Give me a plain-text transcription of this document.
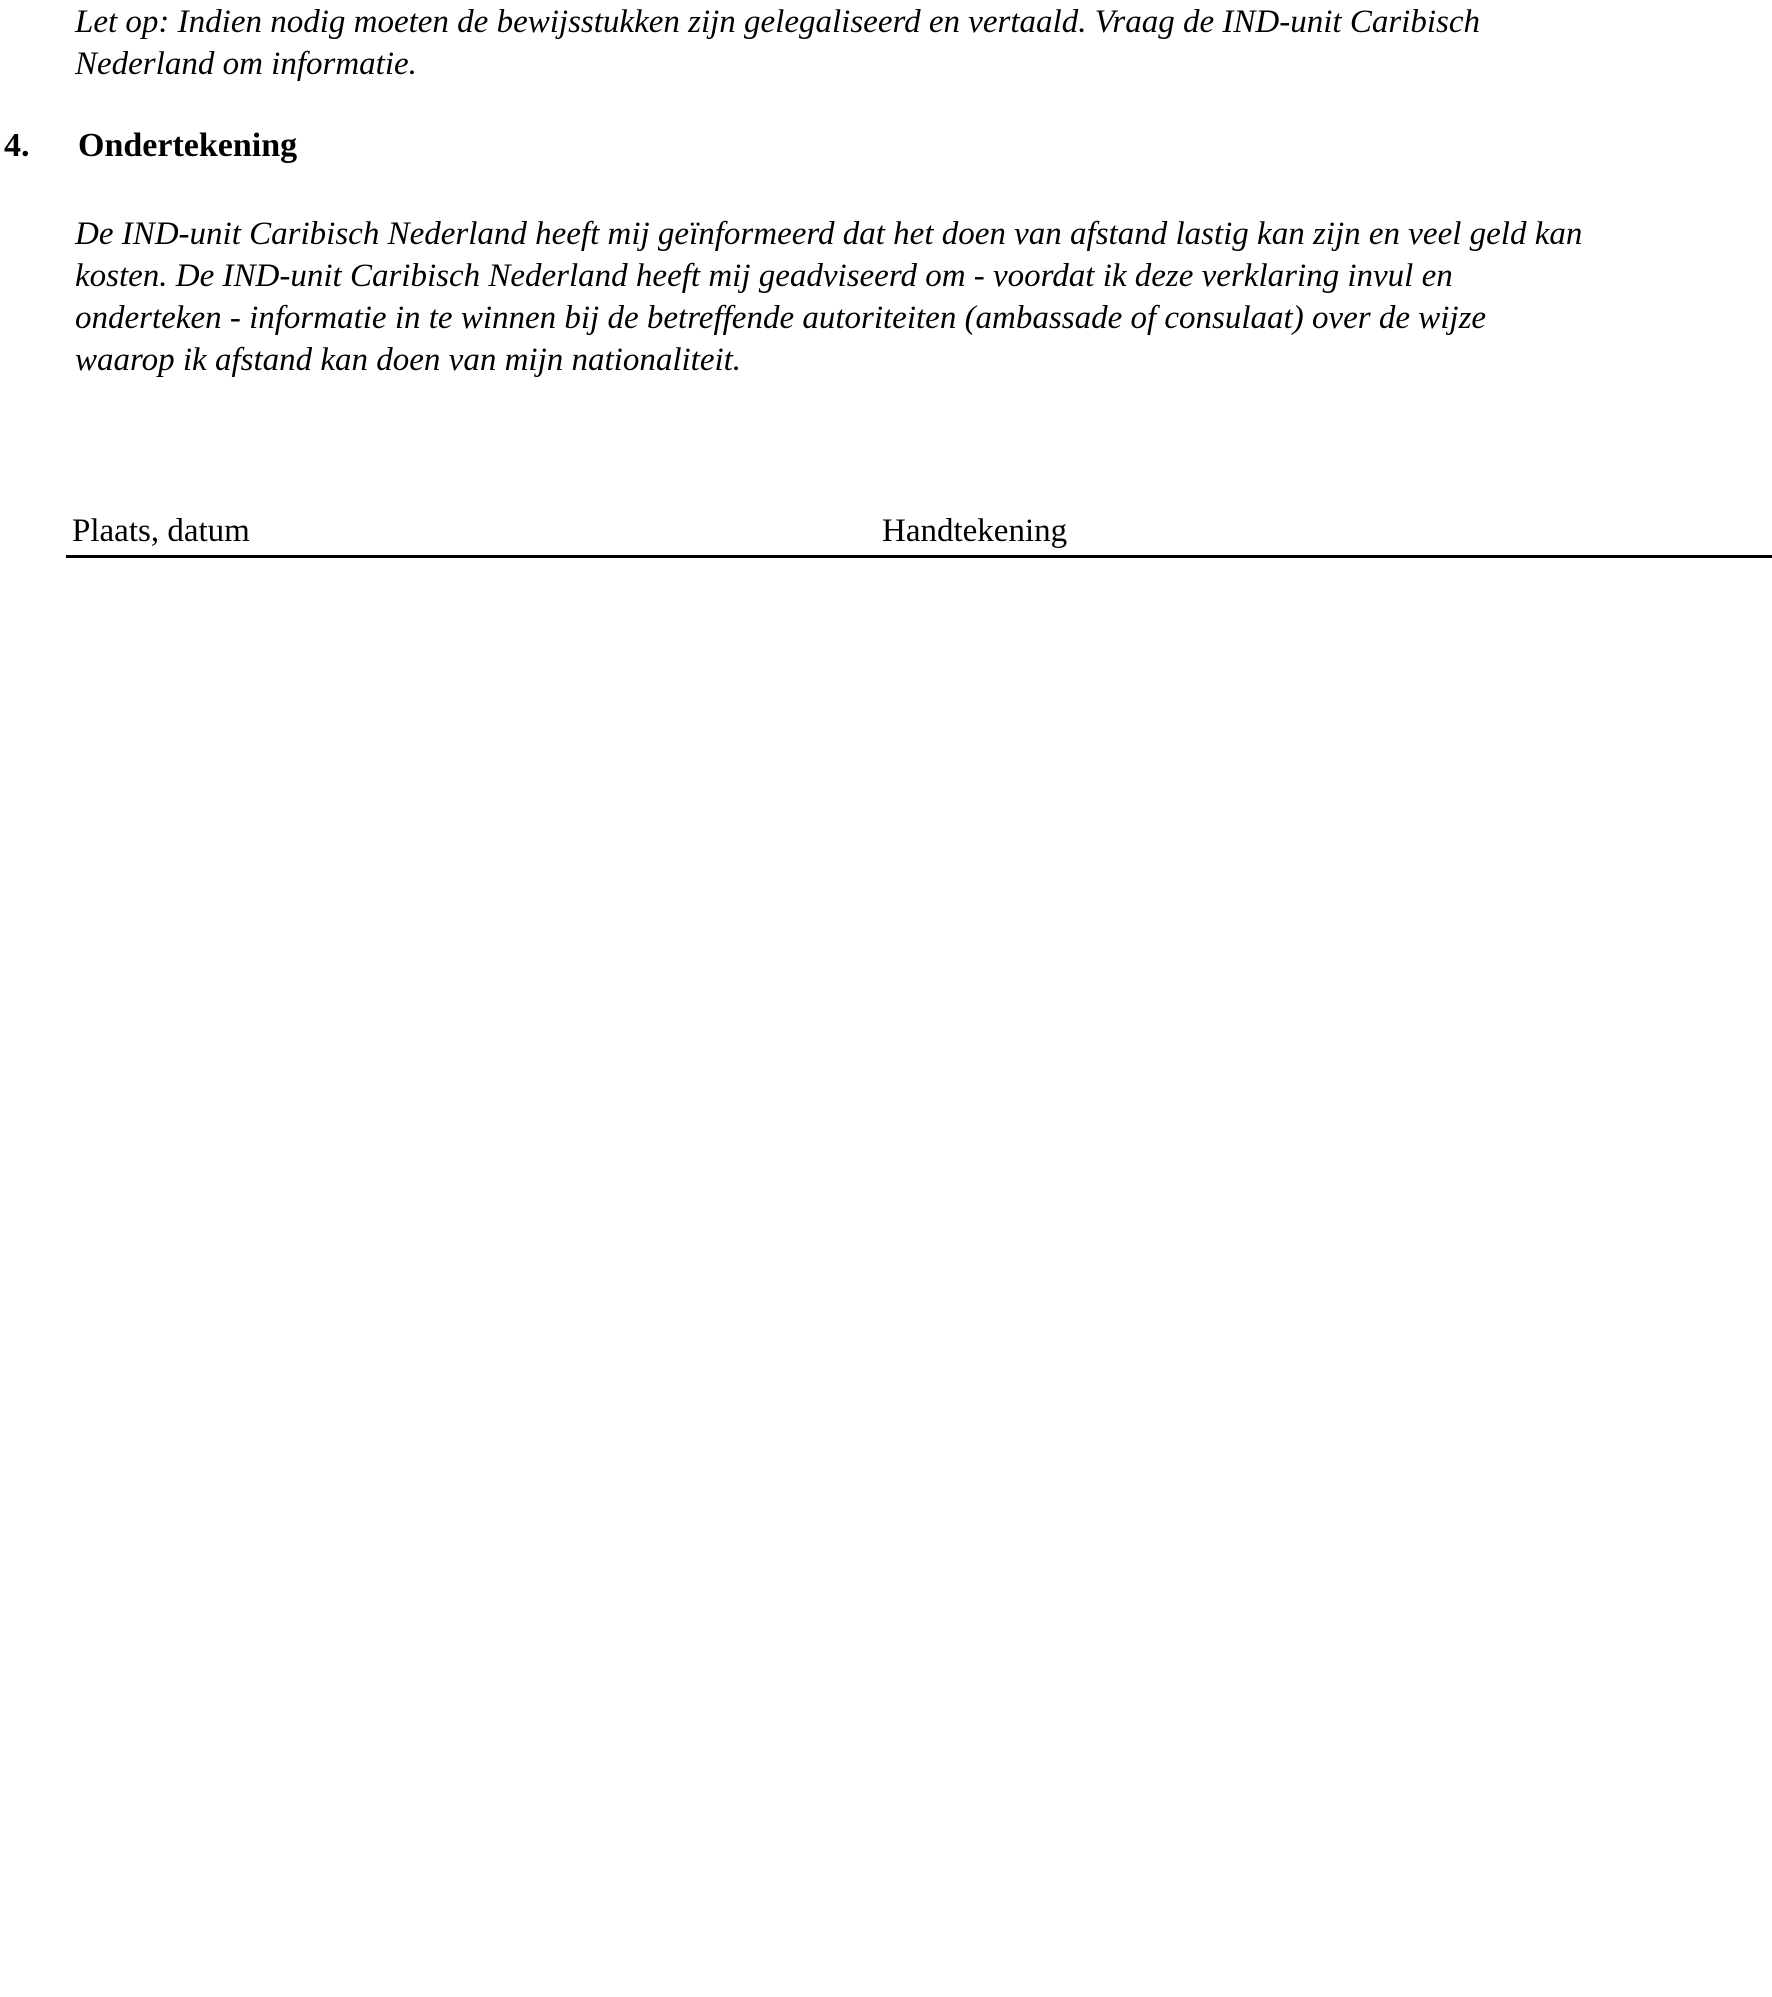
Let op: Indien nodig moeten de bewijsstukken zijn gelegaliseerd en vertaald. Vraag de IND-unit Caribisch
Nederland om informatie.

4. Ondertekening

De IND-unit Caribisch Nederland heeft mij geïnformeerd dat het doen van afstand lastig kan zijn en veel geld kan
kosten. De IND-unit Caribisch Nederland heeft mij geadviseerd om - voordat ik deze verklaring invul en
onderteken - informatie in te winnen bij de betreffende autoriteiten (ambassade of consulaat) over de wijze
waarop ik afstand kan doen van mijn nationaliteit.

Plaats, datum	Handtekening
